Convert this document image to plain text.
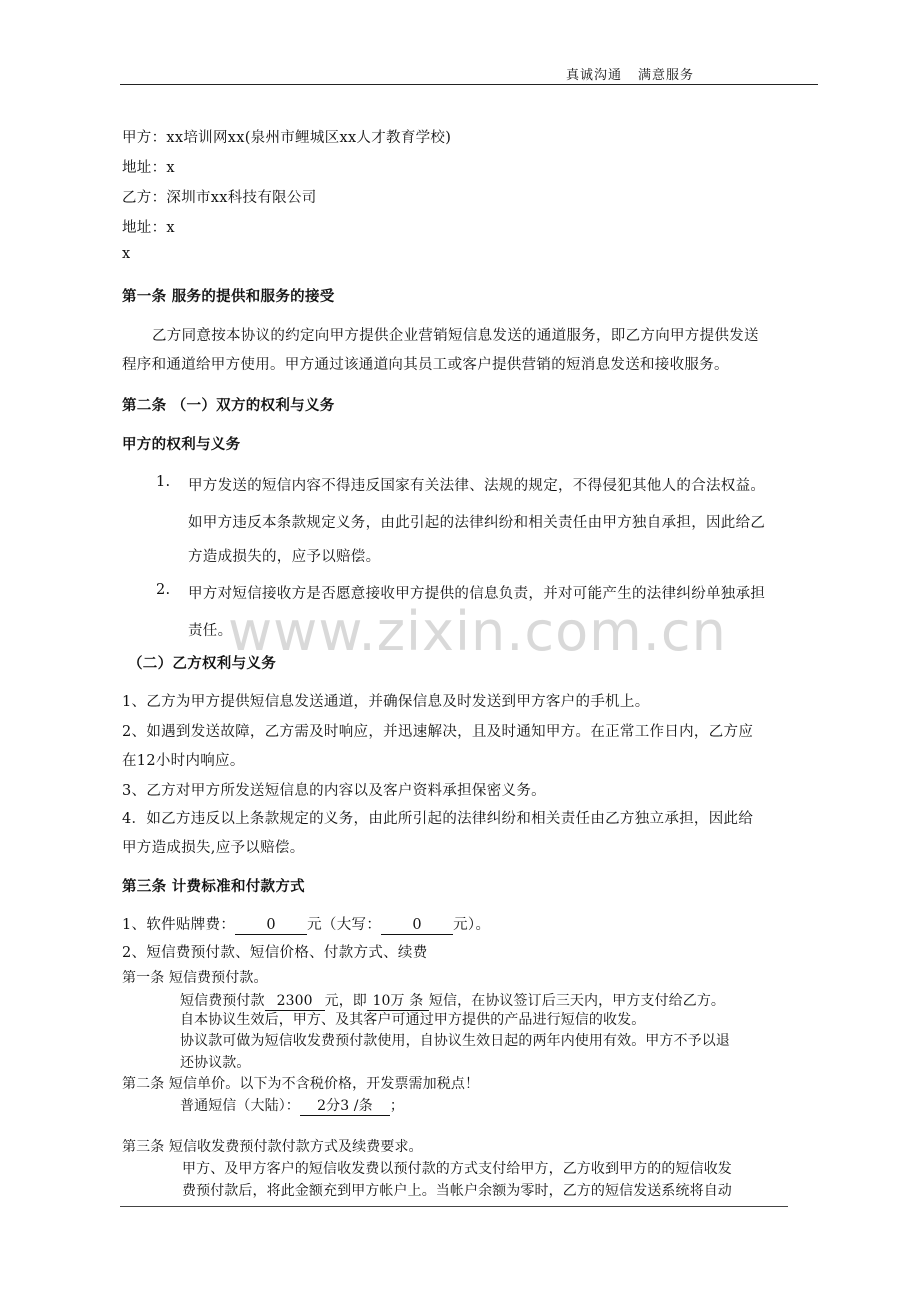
真诚沟通 满意服务
www.zixin.com.cn
甲方：xx培训网xx(泉州市鲤城区xx人才教育学校)
地址：x
乙方：深圳市xx科技有限公司
地址：x
x
第一条 服务的提供和服务的接受
乙方同意按本协议的约定向甲方提供企业营销短信息发送的通道服务，即乙方向甲方提供发送
程序和通道给甲方使用。甲方通过该通道向其员工或客户提供营销的短消息发送和接收服务。
第二条 （一）双方的权利与义务
甲方的权利与义务
1. 甲方发送的短信内容不得违反国家有关法律、法规的规定，不得侵犯其他人的合法权益。
如甲方违反本条款规定义务，由此引起的法律纠纷和相关责任由甲方独自承担，因此给乙
方造成损失的，应予以赔偿。
2. 甲方对短信接收方是否愿意接收甲方提供的信息负责，并对可能产生的法律纠纷单独承担
责任。
（二）乙方权利与义务
1、乙方为甲方提供短信息发送通道，并确保信息及时发送到甲方客户的手机上。
2、如遇到发送故障，乙方需及时响应，并迅速解决，且及时通知甲方。在正常工作日内，乙方应
在12小时内响应。
3、乙方对甲方所发送短信息的内容以及客户资料承担保密义务。
4．如乙方违反以上条款规定的义务，由此所引起的法律纠纷和相关责任由乙方独立承担，因此给
甲方造成损失,应予以赔偿。
第三条 计费标准和付款方式
1、软件贴牌费： 0 元（大写： 0 元）。
2、短信费预付款、短信价格、付款方式、续费
第一条 短信费预付款。
短信费预付款 2300 元，即 10万 条 短信，在协议签订后三天内，甲方支付给乙方。
自本协议生效后，甲方、及其客户可通过甲方提供的产品进行短信的收发。
协议款可做为短信收发费预付款使用，自协议生效日起的两年内使用有效。甲方不予以退
还协议款。
第二条 短信单价。以下为不含税价格，开发票需加税点！
普通短信（大陆）： 2分3 /条 ；
第三条 短信收发费预付款付款方式及续费要求。
甲方、及甲方客户的短信收发费以预付款的方式支付给甲方，乙方收到甲方的的短信收发
费预付款后，将此金额充到甲方帐户上。当帐户余额为零时，乙方的短信发送系统将自动
